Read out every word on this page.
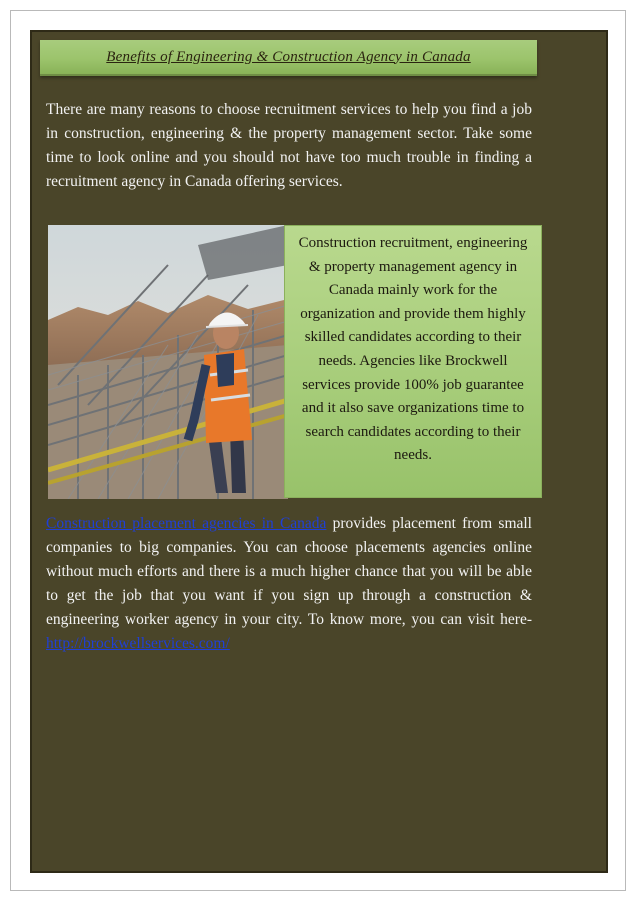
Benefits of Engineering & Construction Agency in Canada

There are many reasons to choose recruitment services to help you find a job in construction, engineering & the property management sector. Take some time to look online and you should not have too much trouble in finding a recruitment agency in Canada offering services.

Construction recruitment, engineering & property management agency in Canada mainly work for the organization and provide them highly skilled candidates according to their needs. Agencies like Brockwell services provide 100% job guarantee and it also save organizations time to search candidates according to their needs.

Construction placement agencies in Canada provides placement from small companies to big companies. You can choose placements agencies online without much efforts and there is a much higher chance that you will be able to get the job that you want if you sign up through a construction & engineering worker agency in your city. To know more, you can visit here- http://brockwellservices.com/
